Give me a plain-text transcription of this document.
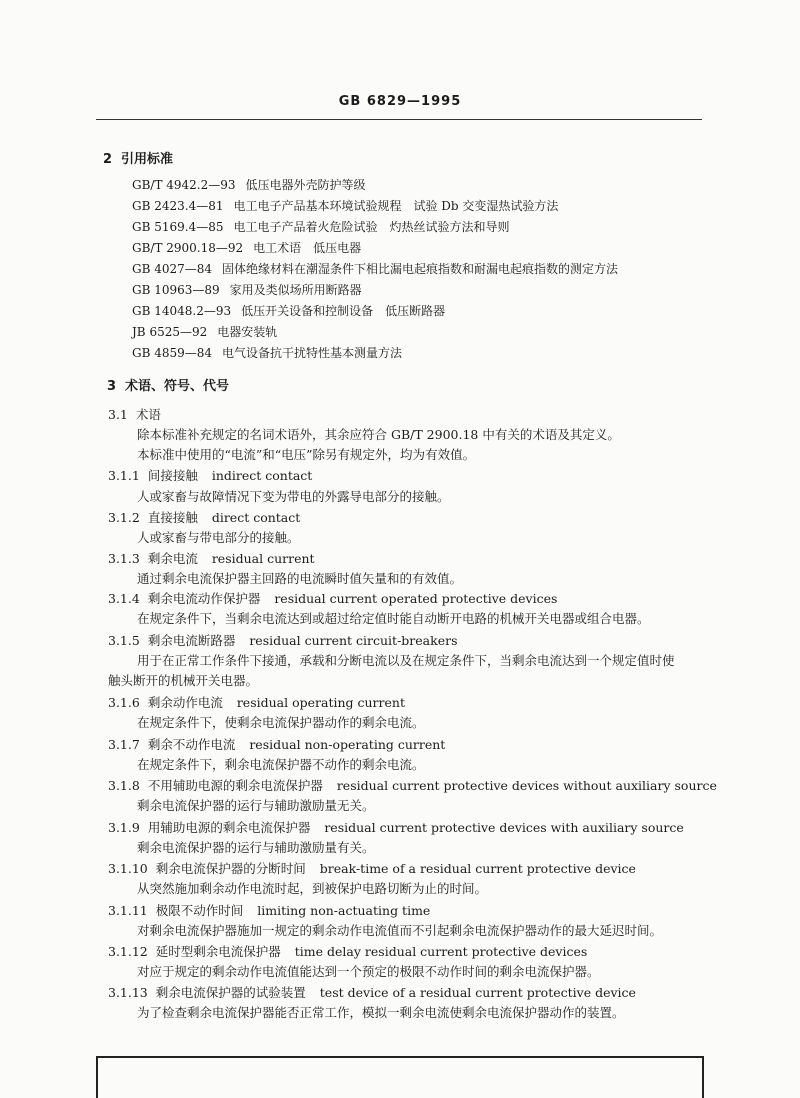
GB 6829—1995
2 引用标准
GB/T 4942.2—93 低压电器外壳防护等级
GB 2423.4—81 电工电子产品基本环境试验规程　试验 Db 交变湿热试验方法
GB 5169.4—85 电工电子产品着火危险试验　灼热丝试验方法和导则
GB/T 2900.18—92 电工术语　低压电器
GB 4027—84 固体绝缘材料在潮湿条件下相比漏电起痕指数和耐漏电起痕指数的测定方法
GB 10963—89 家用及类似场所用断路器
GB 14048.2—93 低压开关设备和控制设备　低压断路器
JB 6525—92 电器安装轨
GB 4859—84 电气设备抗干扰特性基本测量方法
3 术语、符号、代号
3.1 术语
除本标准补充规定的名词术语外，其余应符合 GB/T 2900.18 中有关的术语及其定义。
本标准中使用的“电流”和“电压”除另有规定外，均为有效值。
3.1.1 间接接触 indirect contact
人或家畜与故障情况下变为带电的外露导电部分的接触。
3.1.2 直接接触 direct contact
人或家畜与带电部分的接触。
3.1.3 剩余电流 residual current
通过剩余电流保护器主回路的电流瞬时值矢量和的有效值。
3.1.4 剩余电流动作保护器 residual current operated protective devices
在规定条件下，当剩余电流达到或超过给定值时能自动断开电路的机械开关电器或组合电器。
3.1.5 剩余电流断路器 residual current circuit-breakers
用于在正常工作条件下接通，承载和分断电流以及在规定条件下，当剩余电流达到一个规定值时使
触头断开的机械开关电器。
3.1.6 剩余动作电流 residual operating current
在规定条件下，使剩余电流保护器动作的剩余电流。
3.1.7 剩余不动作电流 residual non-operating current
在规定条件下，剩余电流保护器不动作的剩余电流。
3.1.8 不用辅助电源的剩余电流保护器 residual current protective devices without auxiliary source
剩余电流保护器的运行与辅助激励量无关。
3.1.9 用辅助电源的剩余电流保护器 residual current protective devices with auxiliary source
剩余电流保护器的运行与辅助激励量有关。
3.1.10 剩余电流保护器的分断时间 break-time of a residual current protective device
从突然施加剩余动作电流时起，到被保护电路切断为止的时间。
3.1.11 极限不动作时间 limiting non-actuating time
对剩余电流保护器施加一规定的剩余动作电流值而不引起剩余电流保护器动作的最大延迟时间。
3.1.12 延时型剩余电流保护器 time delay residual current protective devices
对应于规定的剩余动作电流值能达到一个预定的极限不动作时间的剩余电流保护器。
3.1.13 剩余电流保护器的试验装置 test device of a residual current protective device
为了检查剩余电流保护器能否正常工作，模拟一剩余电流使剩余电流保护器动作的装置。
